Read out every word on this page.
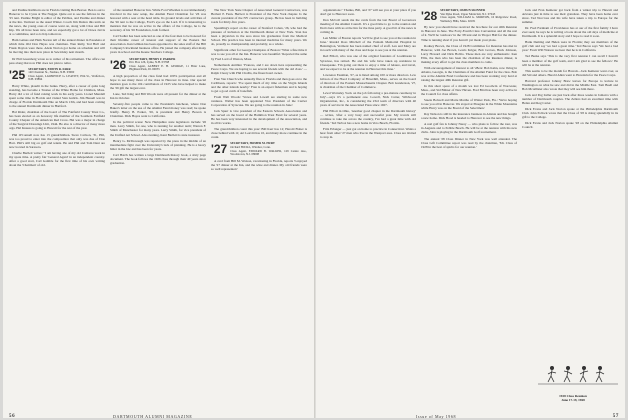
and Pauline Rathborn are in Florida visiting Ben Beaver. Ben is out to Hanover to be Cyrus at The Nugget. Quite out to see the fellows in the '25 tent. Pauline Bright is editor of the Pebbles, and Pauline and dinner at the Inn. Vermont as the usual Winter. Coach Jim Dutton this term on the news, the young ones of course went on, along with Chas and Bill Kip. We all have been nice, and we especially got a lot of Dowe Jarvis at a committee, and so is Kip tomorrow.

Ham Gaines and Ham Norton tell of the annual dinner in Pasadena at which time Old Don Hayes was chairman. Wen Reily, Ted Hull and Frank Dayton were there. Adele Norton got home on schedule and will be moving into their new place in Sewickley next month.

Dr Phil Greenberg wrote as to rumor of his retirement. The office can pass along that now Phil does not plan to retire.

'25	SECRETARY, EDWIN R. FARR
140 Chestnut St., Nashua, N.H. 03060
Class Agent, LAWRENCE G. LEAVITT, Elm St., Wolfeboro, N.H. 03894

Harry White, plaudit in the banks. Harry, after a career of quite long standing, has become a Trustee of the White Home for Children, Mass. Harry did a lot of fund raising work in his early years. Lionel Mandell spent some time in Florida and visited Stan Gulick. Jim Hassell was in charge of Florida Dartmouth Nite on March 13th, and had been coming to the annual Dartmouth dinner in Hartford.

Hal Rider, chairman of the board of The Fairfield County Trust Co., has been elected as an honorary life member of the Southern Fairfield County Chapter of the American Red Cross. Hal was a major in charge of the Surgical Dressings Unit, 1944. He also is a director of many more orgs. Hal Knauss is going to Hawaii for the rest of the year.

Phil O'Connell now has 13 grandchildren. Steve Carlson, '31, Phil, was too proud to enter into the composition that only was due of Don Hart. Phil's still big on golf and tennis. He and Phil and Tom Dent are now located in Sarasota.

Charlie Bartlett writes: "I am having one of my old Camaros work in my spare time. A pretty fair 'General Agent' in an independent country. After a good start, Carl Gamble for the first time of his own writing about the 'Chairman' of old.

of the renamed Hanover Inn. While Ford Whelden is not immediately involved in the new setup, the Alumni Fund Chairman for '26 was honored with a seat at the head table. Its ground levels and activities of the '26 tent to the College, Ford's eye on the Lord. If it is interesting to mention that he was an active in the affairs of the College, he is the secretary of his '26 Foundation, both formed.

Carl Sadler has been selected as one of the four men to be honored for their lifetime career of interest and support of the Eastern Ski Association. Ken Gilman has been appointed to the sales staff of the Hill Company's Rockland business office. He joined the company after many years in school and the Keene Teachers College.

'26	SECRETARY, HENRY F. PARKER
P.O. Box 126, Lyme, N.H. 03768
Class Agent, ALBERT E. H. GEORGE, 11 Briar Lane, Highland Park, Ill. 60035

A high proportion of the class fund had 100% participation and all hope to see many more of the class in Hanover in June. Our special mention goes to the 104 contributors of 1925 who have helped to make the '26 gift the largest ever.

Lane, Ted King and Bill Woods were all present for the dinner at the Inn in October.

Seventy-five people came to the President's luncheon, where Don Baker's letter on the use of the Alumni Fund money was read; he spoke briefly. Henry B. Parker, '26, is president and Henry Bowen is Chairman. Dick Hayes went to California.

In the political scene: New Hampshire state legislators include '26 men. Larry Smith, for one, who is running for another term; Warren F. Smith of Manchester for many years. Larry Smith, for vice president of the Unified Art School. Also running, Kent Bartlett is state treasurer.

Henry G. McDonough was reported by the press in the middle of an intermediate fight over the University's lack of planning. He is a heavy hitter in the law and has been for years.

Carl Hatch has written a large Dartmouth history book, a sixty page document. The book follows the 1926 class through their 40 years since graduation.

The New York State Chapter of Associated General Contractors, was Herbert P. Fenn. Herbert is President of the New York chapter. Is the current president of the NY contractors group. He has been in building roads for thirty-five years.

Spaulding's report on the career of Stanford Cohen, '26, who had the pleasure of inclusion at the Dartmouth dinner at New York. Stan has been a physician in the area since his graduation from the Medical School. His practice has been in internal medicine for many years. We do, proudly so championship and probably, as a whole.

Significant other for George Champion of Boston: 'What a fine time it was to see you all at the Inn. Hanover was beautiful.' Reported the same by Fred Lord of Weston, Mass.

Netherlands Antilles: 'Frances, and I are down here representing the Peace Corps. We are hoping to see several friends with the old class.' — Ralph Cleary with Phil Chollis, the finest hotel owner.

Fran Van Church who annually flies to Florida and then goes on to the Caribbean, reports: 'I've spent much of my time on the Virgin Islands and the other islands nearby.' Fran is an expert fisherman and is hoping to get a good catch of bonefish.

From Walt Woods: 'Stowe and Lowell are starting in some new ventures. Walter has been appointed Vice President of the Carrier Corporation of Syracuse. We are going to the reunion in June.'

Jack Spurr is vice president of the Eastern Schools Association and has served on the board of the Hamilton Trust Fund for several years. He has been very interested in the development of the Association, and in all its works.

The grandchildren count this year: Bill Kerr has 12; Harold Fisher is close behind with 11; Art Leavitt has 10, and many more continue in the count.

'27	SECRETARY, HOMER M. HURT
Orchard Hill Rd., Windsor, Conn.
Class Agent, EDWARD B. WALKER, 129 Centre Ave., Woodstown, N.J. 08098

A card from Bill M. Watson, vacationing in Florida, reports 'I enjoyed the '27 dinner at the Inn, and the wine and dinner. My old friends were so well represented.'

56	DARTMOUTH ALUMNI MAGAZINE

organizations." Thanks, Bill, and '27 will see you at your place if you don't get to Hanover soon.

Don McColl sends me the cards from the last Board of Governors meeting of the Alumni Council. It's a good time to go to the reunion and Don's here with us at the Inn for the June party. A good bit of the news is coming in.

Len Miller of Boston reports 'we'll be glad to see you at the reunion in June.' Ronald Ross Mitchell of the Putnam Memorial Hospital in Bennington, Vermont has been named chief of staff. Len and Mary are in touch with many of the class and hope to see you at the reunion.

Red Elliott, who was one of the original founders of Loadmaster in Syracuse, has retired. He and his wife have taken up residence in Chesapeake. 'I'm going out there to enjoy a time of leisure, and travel, and we expect to be at the reunion in Hanover this June.'

Lawrence Eastman, '27, as is listed among 100 or more directors. Lew Gibson of the Hood Company of Haverhill, Mass., serves on the board of directors of the Eastern Massachusetts Chapter. Bob Gunderson, '27, is chairman of the Chamber of Commerce.

Lewd Wornsley 'back on the job following a pre-mature ceremony in July'—says it's a permanent one. Lowell, Nick Carter, Wildwood Organization, Inc., is considering the 23rd team of directors with 40 years of service in the Associated Press since 1927.

Phil Elliott in Ohio, 'Another good chapter in the Dartmouth history' — writes, 'after a very busy and successful year. My travels still continue to take me across the country, I've had a great time with old friends.' Ted Tarbox has a new home in Vero Beach, Florida.

Fritz Erlanger — just got on home to practice in Connecticut. Wants a hear from other '27 men who live in the Westport area. Class are invited to stop in.

'28	SECRETARY, OSMUN SKINNER
Van Dyke Road, Upper Montclair, N.J. 07043
Class Agent, WILLIAM G. MORTON, 16 Ridgeview Road, Wellesley Hills, Mass. 02181

By now you should have received the brochure for our 40th Reunion in Hanover in June. The Forty-Fourth Class Convention and all the rest of it. We'll be 'outdoors' in the '28 tent and in Thayer Hall for the dinner. Time is running short if you haven't yet made your plans.

Rodney Brown, the Class of 1928 Committee for Reunion has met in Hanover, with Joe Brown, Lewis Kriger, Bob Groves, Huck Johnson, Larry Howard and Dick Hobbs. These men are very enthusiastic. Ken Ellis, the man who has been the chairman of the Reunion dinner, is making every effort to get the class members to come.

With encouragement of interest to all '28ers: Bob Kahn, now living in Atlanta, Georgia, is the Chairman of the Alumni Fund for the class. Bob was at the Alumni Fund Conference and has been working very hard at raising the largest 40th Reunion gift.

In this short space of a month we lost Ed Goodwin of Worcester, Mass., and Sid Bittner of New Haven. Fred Bird has been very active in the Council for class affairs.

Steele Bolwell and Marie Martha of Winter Park, Fla.: 'We're hoping to see you all in Hanover. We stayed at Pinegate in the White Mountains while Harry was on the Board of the Selectmen.'

Ray Nelson is still in the insurance business in Atlanta and has bought a new home. Dick Hood is headed to Hanover to see the new things.

A real golf fan is Johnny Narey — who plans to follow the tour, was in Augusta and to Pebble Beach. He will be at the reunion with his new clubs. John is playing in the Dartmouth Golf tournament.

The annual '28 Class Dinner in New York was well attended. The Class Gift Committee report was read by the chairman, 'Mr. Class of 1928 in the best of spirits for our reunion.'

Jack and Fran Kemerer got back from a winter trip to Hawaii and Arizona just in time to see their grandson. They have been home ever since. Ted Norcross and his wife have taken a trip to Europe for the summer.

Dr. Fred Farnham of Providence has at our of the first family I have ever seen; he says he is writing a book about the old days of medicine at Dartmouth. It is a splendid story and I hope to read it soon.

Hank Deming and Helen were in Florida; they are members of the golf club and say 'we had a great time.' Ted Bacon says 'We had a bad year.' From Will Watson we hear that he is in California.

Ted Burke says 'This is the very first reunion I can recall I haven't been a member of the golf team, and I am glad to see the fellows.' He will be at the reunion.

This seems to be the month for Hawaii—Jack Kemerer went over, as did Sid and others. Harold Allen went to Honolulu for the Peace Corps.

Harvard professor Johnny Brew leaves for Europe to lecture in Washington on what he saw and did in the Middle East. Tom Buell and Bob McAllister also wrote that they will see him there.

Jack and Peg Zeller are just back after three weeks in Jamaica with a number of Dartmouth couples. The Zellers had an excellent time with Helen and Reg Carter.

Dick Evans and Jack Norton spoke at the Philadelphia Dartmouth Club. John Pollock wrote that the Class of '28 is doing splendidly in its gift to the College.

Dick Evans and Jack Norton spoke '28 on the Philadelphia Alumni Council.

1928 Class Reunion
June 17-19, 1968
Issue of May 1968	57
